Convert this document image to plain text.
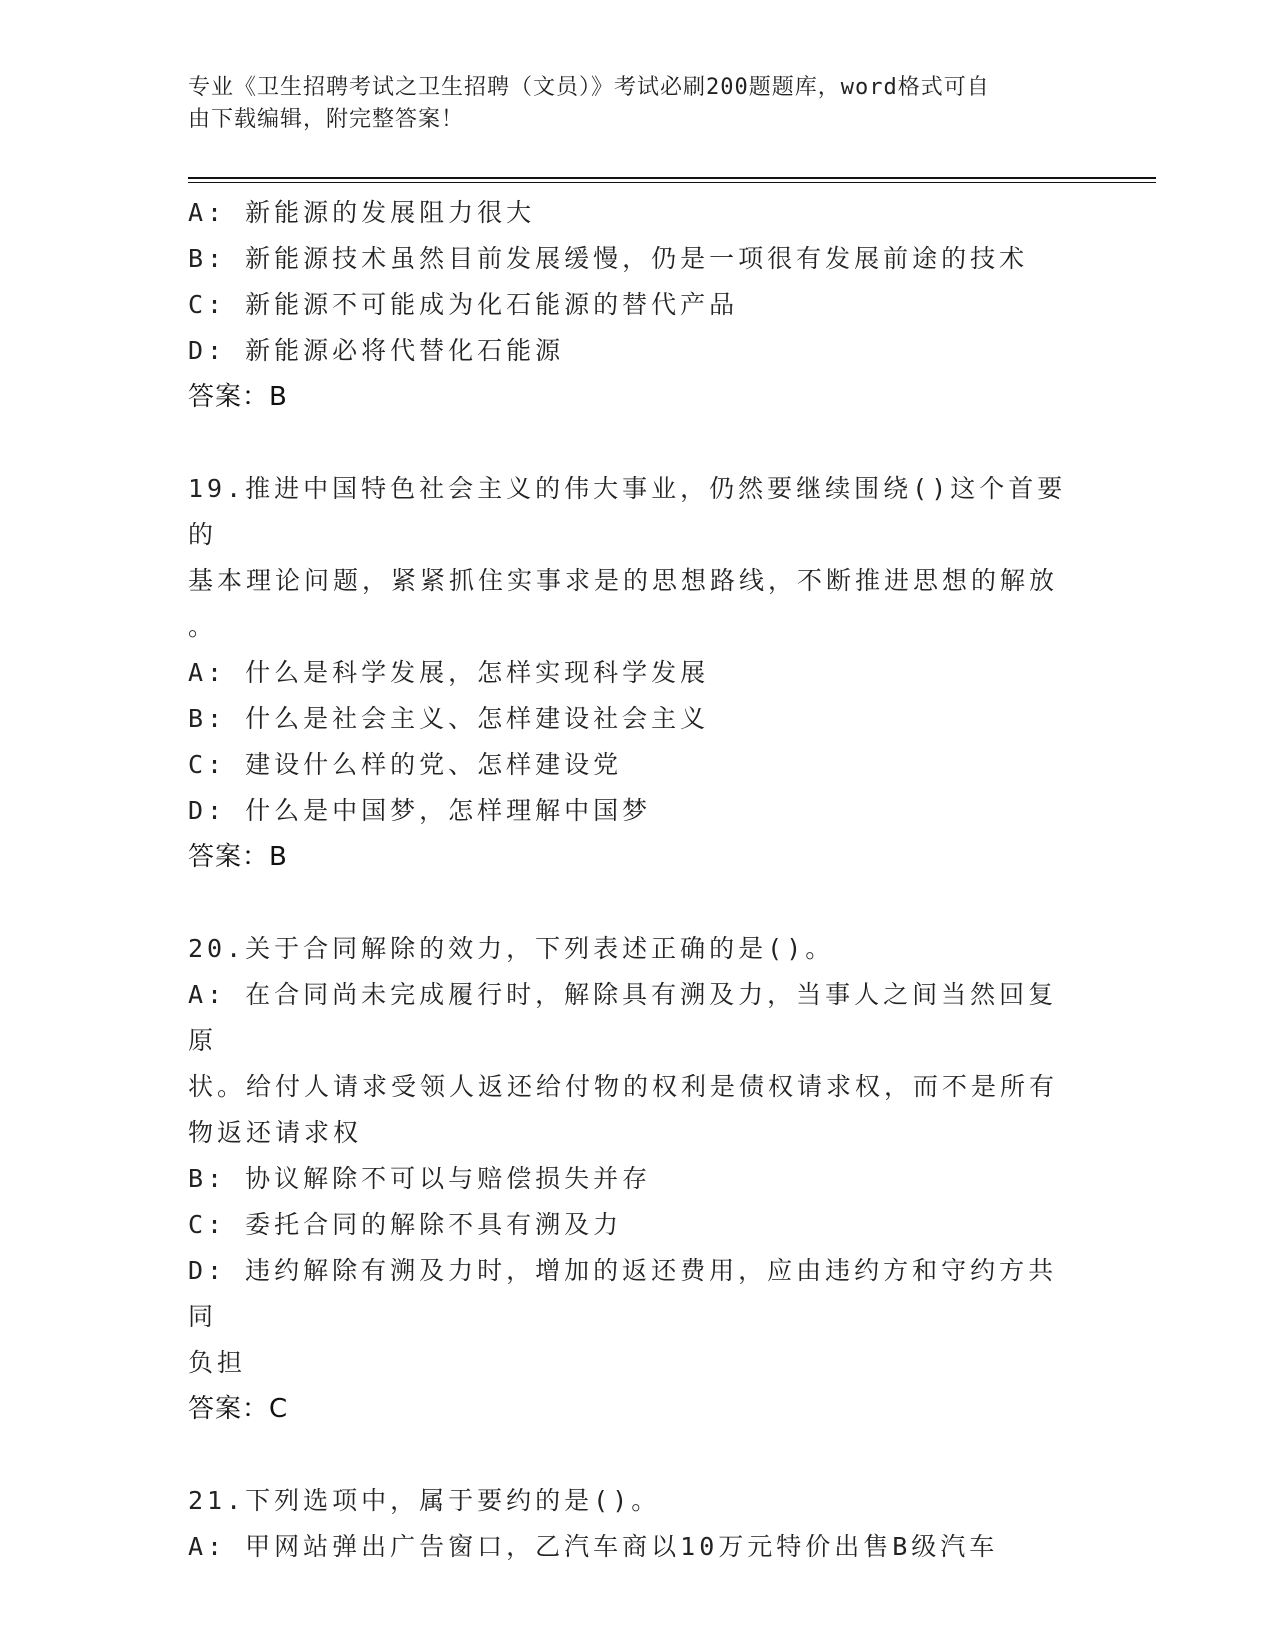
专业《卫生招聘考试之卫生招聘（文员）》考试必刷200题题库，word格式可自
由下载编辑，附完整答案！
A: 新能源的发展阻力很大
B: 新能源技术虽然目前发展缓慢，仍是一项很有发展前途的技术
C: 新能源不可能成为化石能源的替代产品
D: 新能源必将代替化石能源
答案：B
19.推进中国特色社会主义的伟大事业，仍然要继续围绕()这个首要的
基本理论问题，紧紧抓住实事求是的思想路线，不断推进思想的解放
。
A: 什么是科学发展，怎样实现科学发展
B: 什么是社会主义、怎样建设社会主义
C: 建设什么样的党、怎样建设党
D: 什么是中国梦，怎样理解中国梦
答案：B
20.关于合同解除的效力，下列表述正确的是()。
A: 在合同尚未完成履行时，解除具有溯及力，当事人之间当然回复原
状。给付人请求受领人返还给付物的权利是债权请求权，而不是所有
物返还请求权
B: 协议解除不可以与赔偿损失并存
C: 委托合同的解除不具有溯及力
D: 违约解除有溯及力时，增加的返还费用，应由违约方和守约方共同
负担
答案：C
21.下列选项中，属于要约的是()。
A: 甲网站弹出广告窗口，乙汽车商以10万元特价出售B级汽车
